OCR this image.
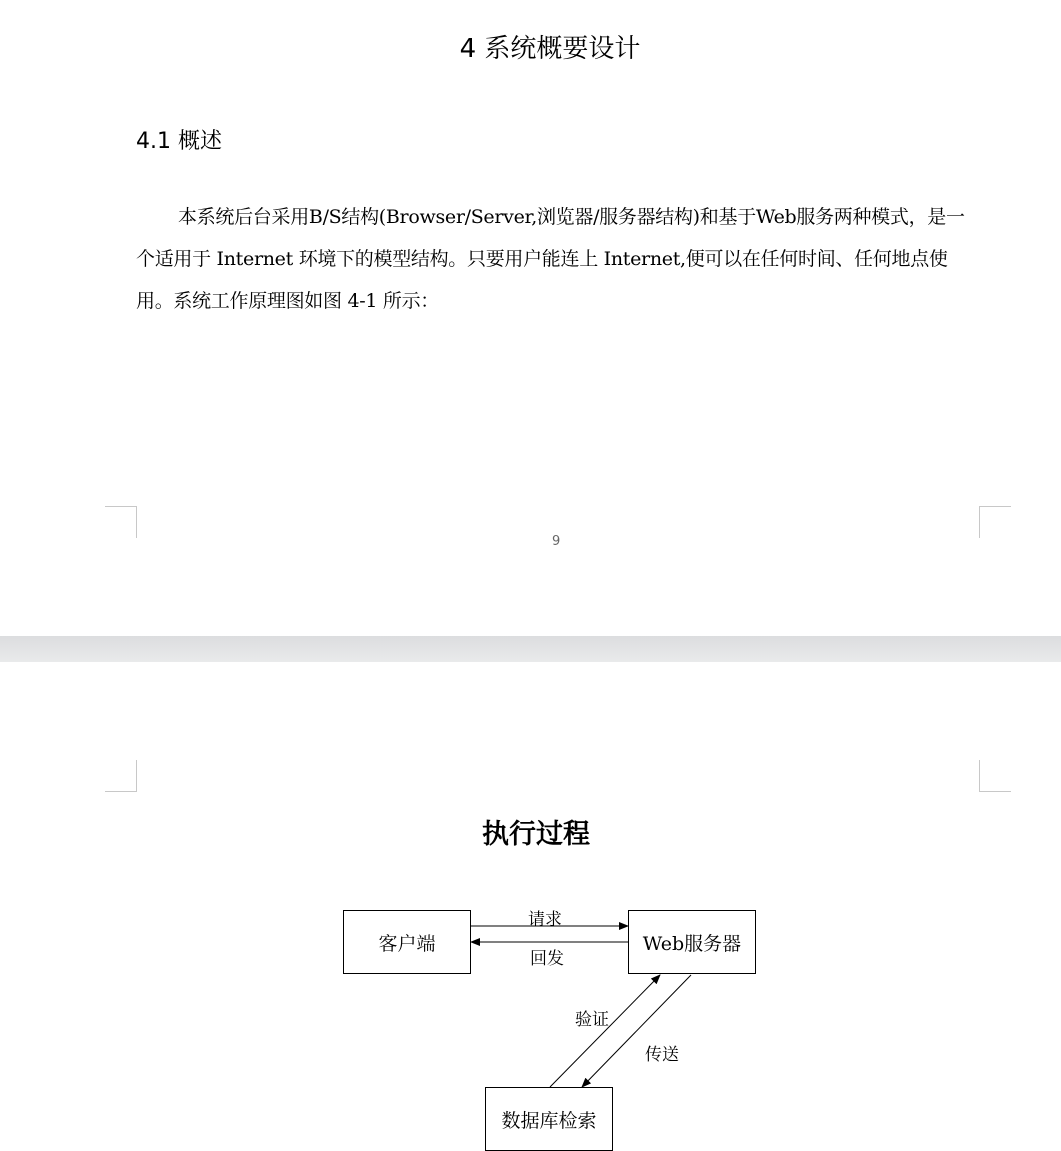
4 系统概要设计
4.1 概述
本系统后台采用B/S结构(Browser/Server,浏览器/服务器结构)和基于Web服务两种模式，是一个适用于 Internet 环境下的模型结构。只要用户能连上 Internet,便可以在任何时间、任何地点使用。系统工作原理图如图 4-1 所示：
9
执行过程
客户端	Web服务器
数据库检索
请求
回发
验证
传送
